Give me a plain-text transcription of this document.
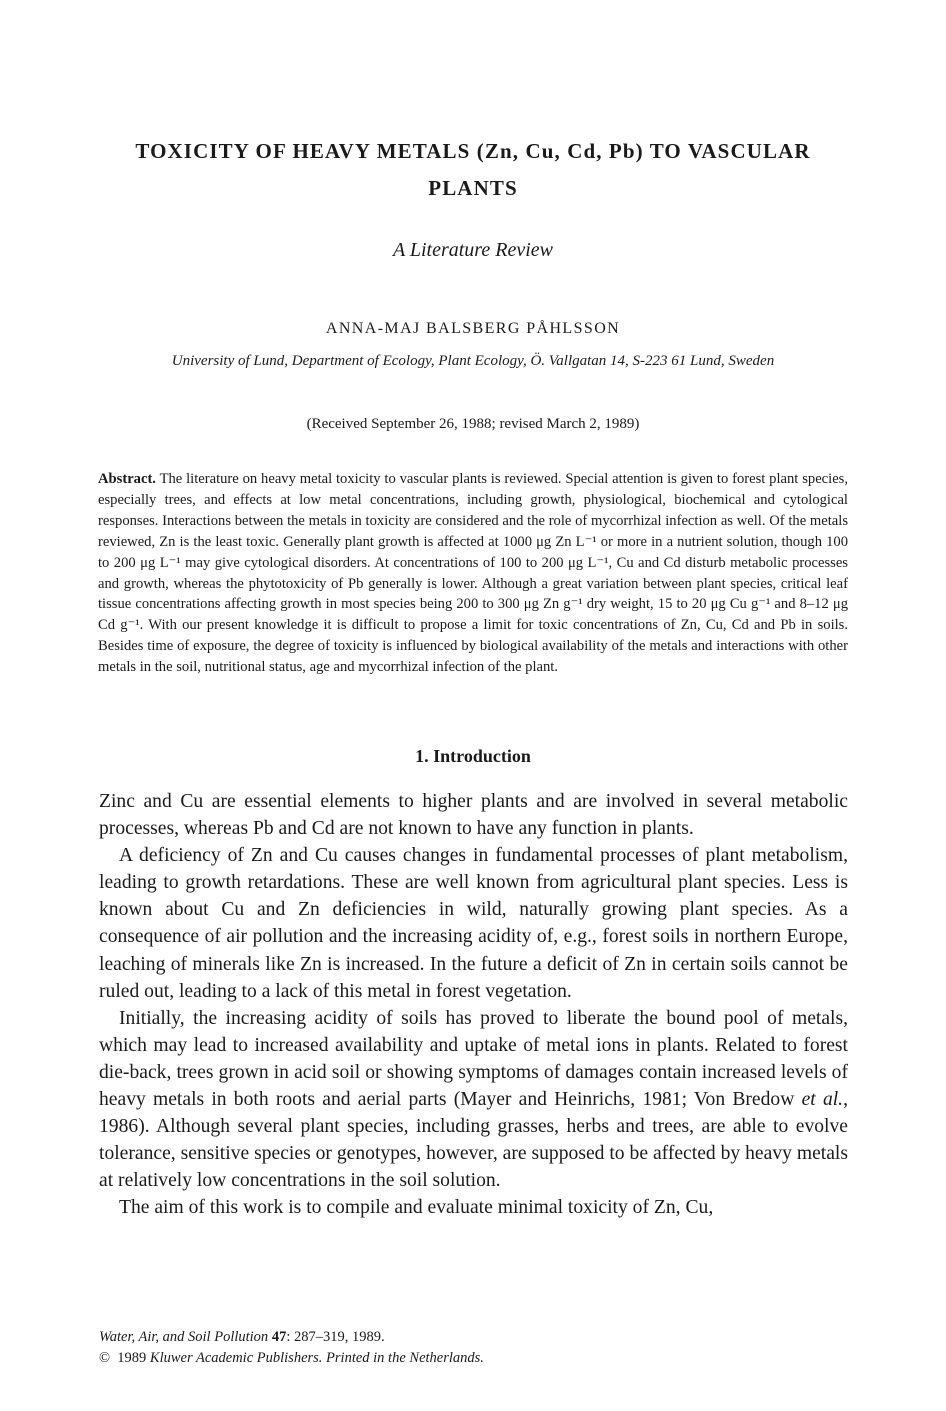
TOXICITY OF HEAVY METALS (Zn, Cu, Cd, Pb) TO VASCULAR
PLANTS
A Literature Review
ANNA-MAJ BALSBERG PÅHLSSON
University of Lund, Department of Ecology, Plant Ecology, Ö. Vallgatan 14, S-223 61 Lund, Sweden
(Received September 26, 1988; revised March 2, 1989)
Abstract. The literature on heavy metal toxicity to vascular plants is reviewed. Special attention is given to forest plant species, especially trees, and effects at low metal concentrations, including growth, physiological, biochemical and cytological responses. Interactions between the metals in toxicity are considered and the role of mycorrhizal infection as well. Of the metals reviewed, Zn is the least toxic. Generally plant growth is affected at 1000 μg Zn L⁻¹ or more in a nutrient solution, though 100 to 200 μg L⁻¹ may give cytological disorders. At concentrations of 100 to 200 μg L⁻¹, Cu and Cd disturb metabolic processes and growth, whereas the phytotoxicity of Pb generally is lower. Although a great variation between plant species, critical leaf tissue concentrations affecting growth in most species being 200 to 300 μg Zn g⁻¹ dry weight, 15 to 20 μg Cu g⁻¹ and 8–12 μg Cd g⁻¹. With our present knowledge it is difficult to propose a limit for toxic concentrations of Zn, Cu, Cd and Pb in soils. Besides time of exposure, the degree of toxicity is influenced by biological availability of the metals and interactions with other metals in the soil, nutritional status, age and mycorrhizal infection of the plant.
1. Introduction

Zinc and Cu are essential elements to higher plants and are involved in several metabolic processes, whereas Pb and Cd are not known to have any function in plants.

A deficiency of Zn and Cu causes changes in fundamental processes of plant metabolism, leading to growth retardations. These are well known from agricultural plant species. Less is known about Cu and Zn deficiencies in wild, naturally growing plant species. As a consequence of air pollution and the increasing acidity of, e.g., forest soils in northern Europe, leaching of minerals like Zn is increased. In the future a deficit of Zn in certain soils cannot be ruled out, leading to a lack of this metal in forest vegetation.

Initially, the increasing acidity of soils has proved to liberate the bound pool of metals, which may lead to increased availability and uptake of metal ions in plants. Related to forest die-back, trees grown in acid soil or showing symptoms of damages contain increased levels of heavy metals in both roots and aerial parts (Mayer and Heinrichs, 1981; Von Bredow et al., 1986). Although several plant species, including grasses, herbs and trees, are able to evolve tolerance, sensitive species or genotypes, however, are supposed to be affected by heavy metals at relatively low concentrations in the soil solution.

The aim of this work is to compile and evaluate minimal toxicity of Zn, Cu,

Water, Air, and Soil Pollution 47: 287–319, 1989.
© 1989 Kluwer Academic Publishers. Printed in the Netherlands.
